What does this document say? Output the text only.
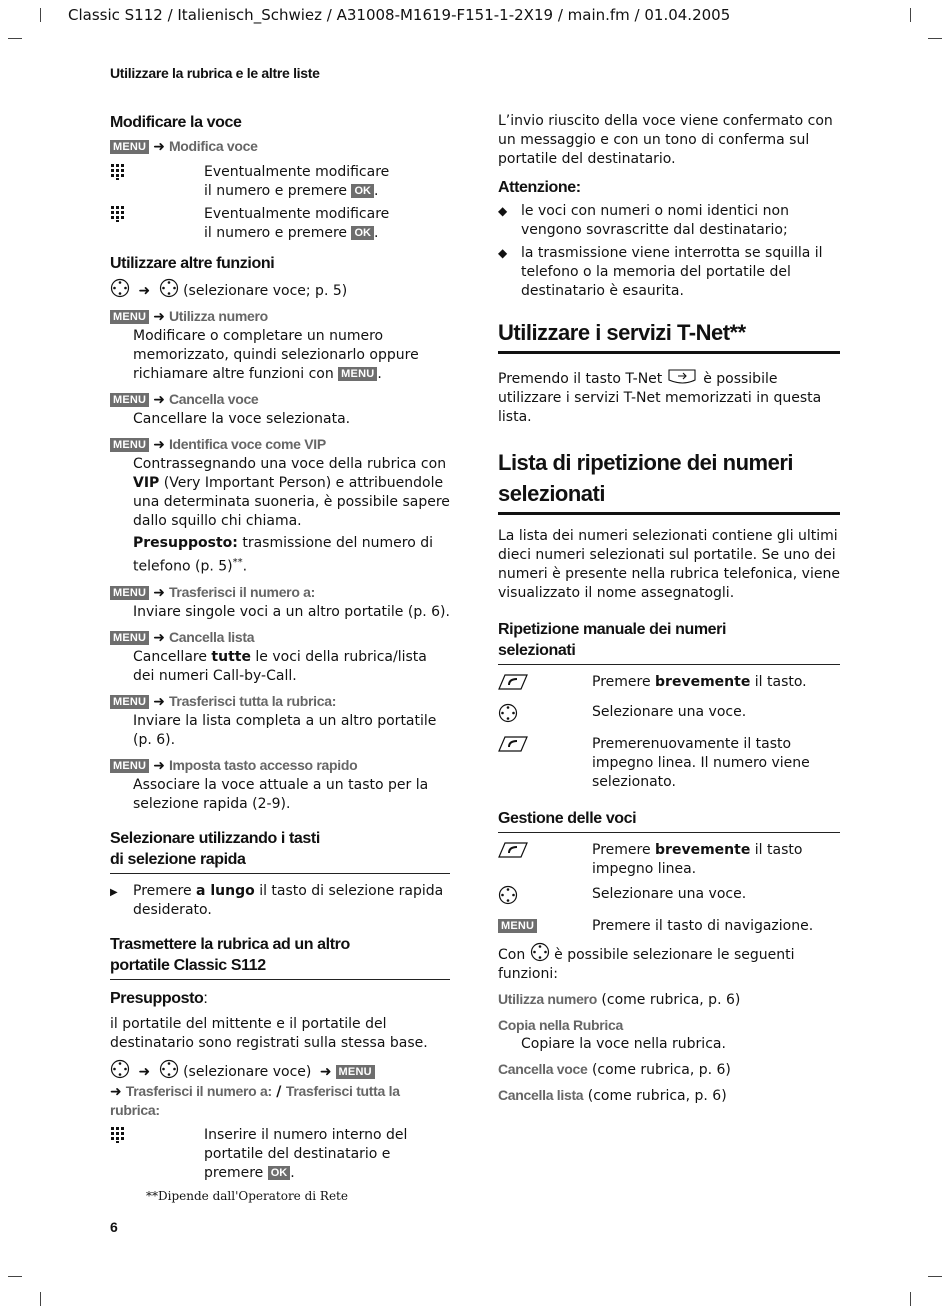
Classic S112 / Italienisch_Schwiez / A31008-M1619-F151-1-2X19 / main.fm / 01.04.2005
Utilizzare la rubrica e le altre liste
Modificare la voce
MENU ➜ Modifica voce
Eventualmente modificare
il numero e premere OK .
Eventualmente modificare
il numero e premere OK .
Utilizzare altre funzioni
➜ (selezionare voce; p. 5)
MENU ➜ Utilizza numero
Modificare o completare un numero memorizzato, quindi selezionarlo oppure richiamare altre funzioni con MENU .
MENU ➜ Cancella voce
Cancellare la voce selezionata.
MENU ➜ Identifica voce come VIP
Contrassegnando una voce della rubrica con VIP (Very Important Person) e attribuendole una determinata suoneria, è possibile sapere dallo squillo chi chiama.
Presupposto: trasmissione del numero di telefono (p. 5)**.
MENU ➜ Trasferisci il numero a:
Inviare singole voci a un altro portatile (p. 6).
MENU ➜ Cancella lista
Cancellare tutte le voci della rubrica/lista dei numeri Call-by-Call.
MENU ➜ Trasferisci tutta la rubrica:
Inviare la lista completa a un altro portatile (p. 6).
MENU ➜ Imposta tasto accesso rapido
Associare la voce attuale a un tasto per la selezione rapida (2-9).
Selezionare utilizzando i tasti
di selezione rapida
▶	Premere a lungo il tasto di selezione rapida desiderato.
Trasmettere la rubrica ad un altro
portatile Classic S112
Presupposto:

il portatile del mittente e il portatile del destinatario sono registrati sulla stessa base.

➜ (selezionare voce) ➜ MENU
➜ Trasferisci il numero a: / Trasferisci tutta la rubrica:
Inserire il numero interno del portatile del destinatario e premere OK .
**Dipende dall'Operatore di Rete

L’invio riuscito della voce viene confermato con un messaggio e con un tono di conferma sul portatile del destinatario.

Attenzione:
◆ le voci con numeri o nomi identici non vengono sovrascritte dal destinatario;
◆ la trasmissione viene interrotta se squilla il telefono o la memoria del portatile del destinatario è esaurita.
Utilizzare i servizi T-Net**

Premendo il tasto T-Net	è possibile utilizzare i servizi T-Net memorizzati in questa lista.

Lista di ripetizione dei numeri
selezionati

La lista dei numeri selezionati contiene gli ultimi dieci numeri selezionati sul portatile. Se uno dei numeri è presente nella rubrica telefonica, viene visualizzato il nome assegnatogli.

Ripetizione manuale dei numeri
selezionati
Premere brevemente il tasto.
Selezionare una voce.
Premerenuovamente il tasto impegno linea. Il numero viene selezionato.
Gestione delle voci
Premere brevemente il tasto impegno linea.
Selezionare una voce.
MENU	Premere il tasto di navigazione.

Con è possibile selezionare le seguenti funzioni:

Utilizza numero (come rubrica, p. 6)
Copia nella Rubrica
Copiare la voce nella rubrica.
Cancella voce (come rubrica, p. 6)
Cancella lista (come rubrica, p. 6)
6
